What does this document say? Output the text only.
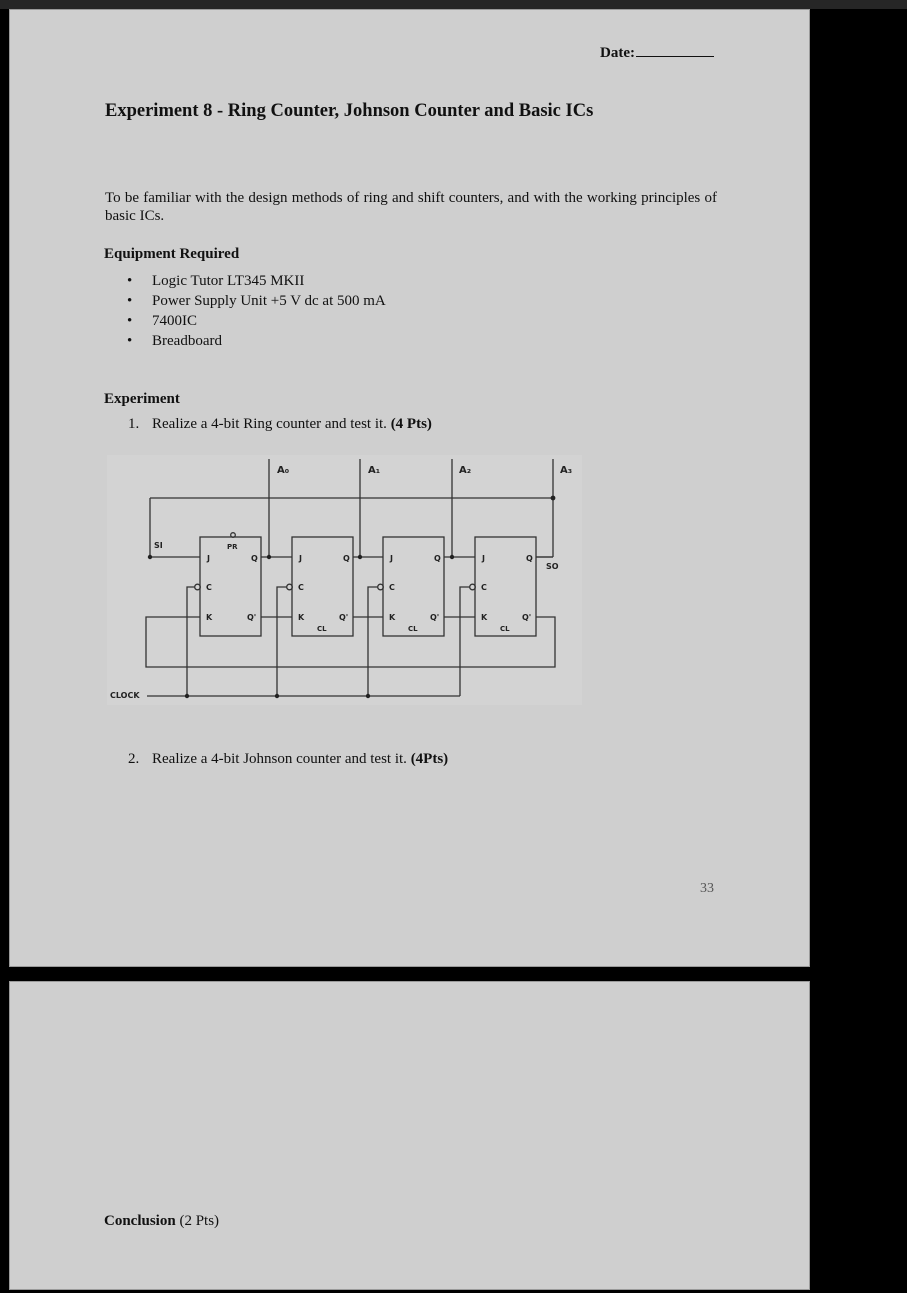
Date:
Experiment 8 - Ring Counter, Johnson Counter and Basic ICs
To be familiar with the design methods of ring and shift counters, and with the working principles of basic ICs.
Equipment Required
• Logic Tutor LT345 MKII
• Power Supply Unit +5 V dc at 500 mA
• 7400IC
• Breadboard
Experiment
1. Realize a 4-bit Ring counter and test it. (4 Pts)
A₀	A₁	A₂	A₃
SI
SO
CLOCK
PR
J
C
K
Q
Q'
J
C
K
Q
Q'
CL
J
C
K
Q
Q'
CL
J
C
K
Q
Q'
CL
2. Realize a 4-bit Johnson counter and test it. (4Pts)
33
Conclusion (2 Pts)
